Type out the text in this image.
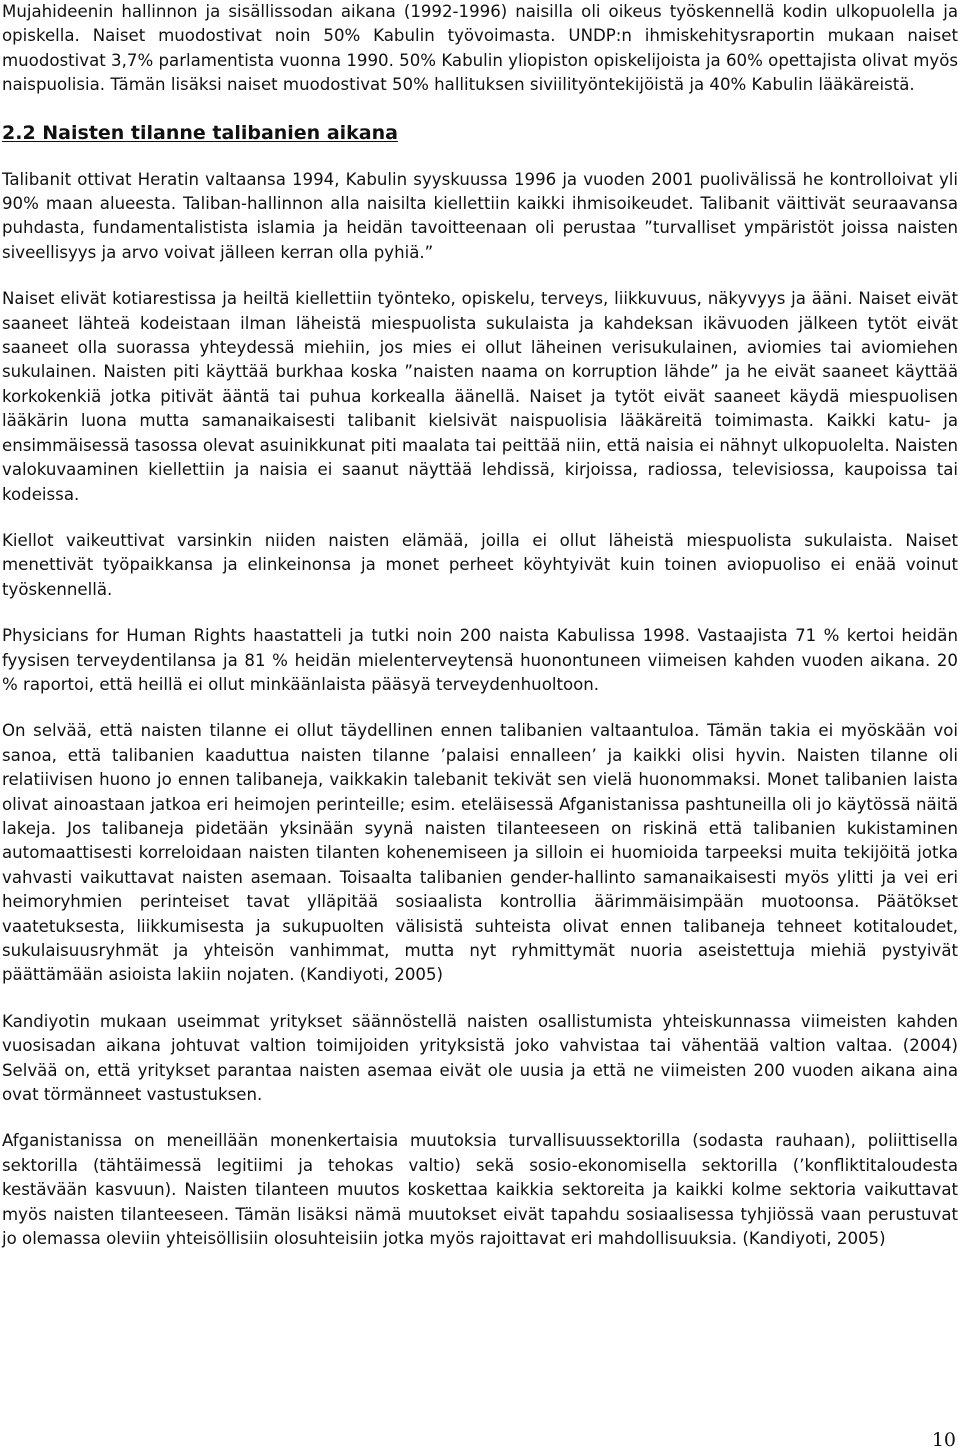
Mujahideenin hallinnon ja sisällissodan aikana (1992-1996) naisilla oli oikeus työskennellä kodin ulkopuolella ja opiskella. Naiset muodostivat noin 50% Kabulin työvoimasta. UNDP:n ihmiskehitysraportin mukaan naiset muodostivat 3,7% parlamentista vuonna 1990. 50% Kabulin yliopiston opiskelijoista ja 60% opettajista olivat myös naispuolisia. Tämän lisäksi naiset muodostivat 50% hallituksen siviilityöntekijöistä ja 40% Kabulin lääkäreistä.

2.2 Naisten tilanne talibanien aikana

Talibanit ottivat Heratin valtaansa 1994, Kabulin syyskuussa 1996 ja vuoden 2001 puolivälissä he kontrolloivat yli 90% maan alueesta. Taliban-hallinnon alla naisilta kiellettiin kaikki ihmisoikeudet. Talibanit väittivät seuraavansa puhdasta, fundamentalistista islamia ja heidän tavoitteenaan oli perustaa ”turvalliset ympäristöt joissa naisten siveellisyys ja arvo voivat jälleen kerran olla pyhiä.”

Naiset elivät kotiarestissa ja heiltä kiellettiin työnteko, opiskelu, terveys, liikkuvuus, näkyvyys ja ääni. Naiset eivät saaneet lähteä kodeistaan ilman läheistä miespuolista sukulaista ja kahdeksan ikävuoden jälkeen tytöt eivät saaneet olla suorassa yhteydessä miehiin, jos mies ei ollut läheinen verisukulainen, aviomies tai aviomiehen sukulainen. Naisten piti käyttää burkhaa koska ”naisten naama on korruption lähde” ja he eivät saaneet käyttää korkokenkiä jotka pitivät ääntä tai puhua korkealla äänellä. Naiset ja tytöt eivät saaneet käydä miespuolisen lääkärin luona mutta samanaikaisesti talibanit kielsivät naispuolisia lääkäreitä toimimasta. Kaikki katu- ja ensimmäisessä tasossa olevat asuinikkunat piti maalata tai peittää niin, että naisia ei nähnyt ulkopuolelta. Naisten valokuvaaminen kiellettiin ja naisia ei saanut näyttää lehdissä, kirjoissa, radiossa, televisiossa, kaupoissa tai kodeissa.

Kiellot vaikeuttivat varsinkin niiden naisten elämää, joilla ei ollut läheistä miespuolista sukulaista. Naiset menettivät työpaikkansa ja elinkeinonsa ja monet perheet köyhtyivät kuin toinen aviopuoliso ei enää voinut työskennellä.

Physicians for Human Rights haastatteli ja tutki noin 200 naista Kabulissa 1998. Vastaajista 71 % kertoi heidän fyysisen terveydentilansa ja 81 % heidän mielenterveytensä huonontuneen viimeisen kahden vuoden aikana. 20 % raportoi, että heillä ei ollut minkäänlaista pääsyä terveydenhuoltoon.

On selvää, että naisten tilanne ei ollut täydellinen ennen talibanien valtaantuloa. Tämän takia ei myöskään voi sanoa, että talibanien kaaduttua naisten tilanne ’palaisi ennalleen’ ja kaikki olisi hyvin. Naisten tilanne oli relatiivisen huono jo ennen talibaneja, vaikkakin talebanit tekivät sen vielä huonommaksi. Monet talibanien laista olivat ainoastaan jatkoa eri heimojen perinteille; esim. eteläisessä Afganistanissa pashtuneilla oli jo käytössä näitä lakeja. Jos talibaneja pidetään yksinään syynä naisten tilanteeseen on riskinä että talibanien kukistaminen automaattisesti korreloidaan naisten tilanten kohenemiseen ja silloin ei huomioida tarpeeksi muita tekijöitä jotka vahvasti vaikuttavat naisten asemaan. Toisaalta talibanien gender-hallinto samanaikaisesti myös ylitti ja vei eri heimoryhmien perinteiset tavat ylläpitää sosiaalista kontrollia äärimmäisimpään muotoonsa. Päätökset vaatetuksesta, liikkumisesta ja sukupuolten välisistä suhteista olivat ennen talibaneja tehneet kotitaloudet, sukulaisuusryhmät ja yhteisön vanhimmat, mutta nyt ryhmittymät nuoria aseistettuja miehiä pystyivät päättämään asioista lakiin nojaten. (Kandiyoti, 2005)

Kandiyotin mukaan useimmat yritykset säännöstellä naisten osallistumista yhteiskunnassa viimeisten kahden vuosisadan aikana johtuvat valtion toimijoiden yrityksistä joko vahvistaa tai vähentää valtion valtaa. (2004) Selvää on, että yritykset parantaa naisten asemaa eivät ole uusia ja että ne viimeisten 200 vuoden aikana aina ovat törmänneet vastustuksen.

Afganistanissa on meneillään monenkertaisia muutoksia turvallisuussektorilla (sodasta rauhaan), poliittisella sektorilla (tähtäimessä legitiimi ja tehokas valtio) sekä sosio-ekonomisella sektorilla (’konfliktitaloudesta kestävään kasvuun). Naisten tilanteen muutos koskettaa kaikkia sektoreita ja kaikki kolme sektoria vaikuttavat myös naisten tilanteeseen. Tämän lisäksi nämä muutokset eivät tapahdu sosiaalisessa tyhjiössä vaan perustuvat jo olemassa oleviin yhteisöllisiin olosuhteisiin jotka myös rajoittavat eri mahdollisuuksia. (Kandiyoti, 2005)

10
